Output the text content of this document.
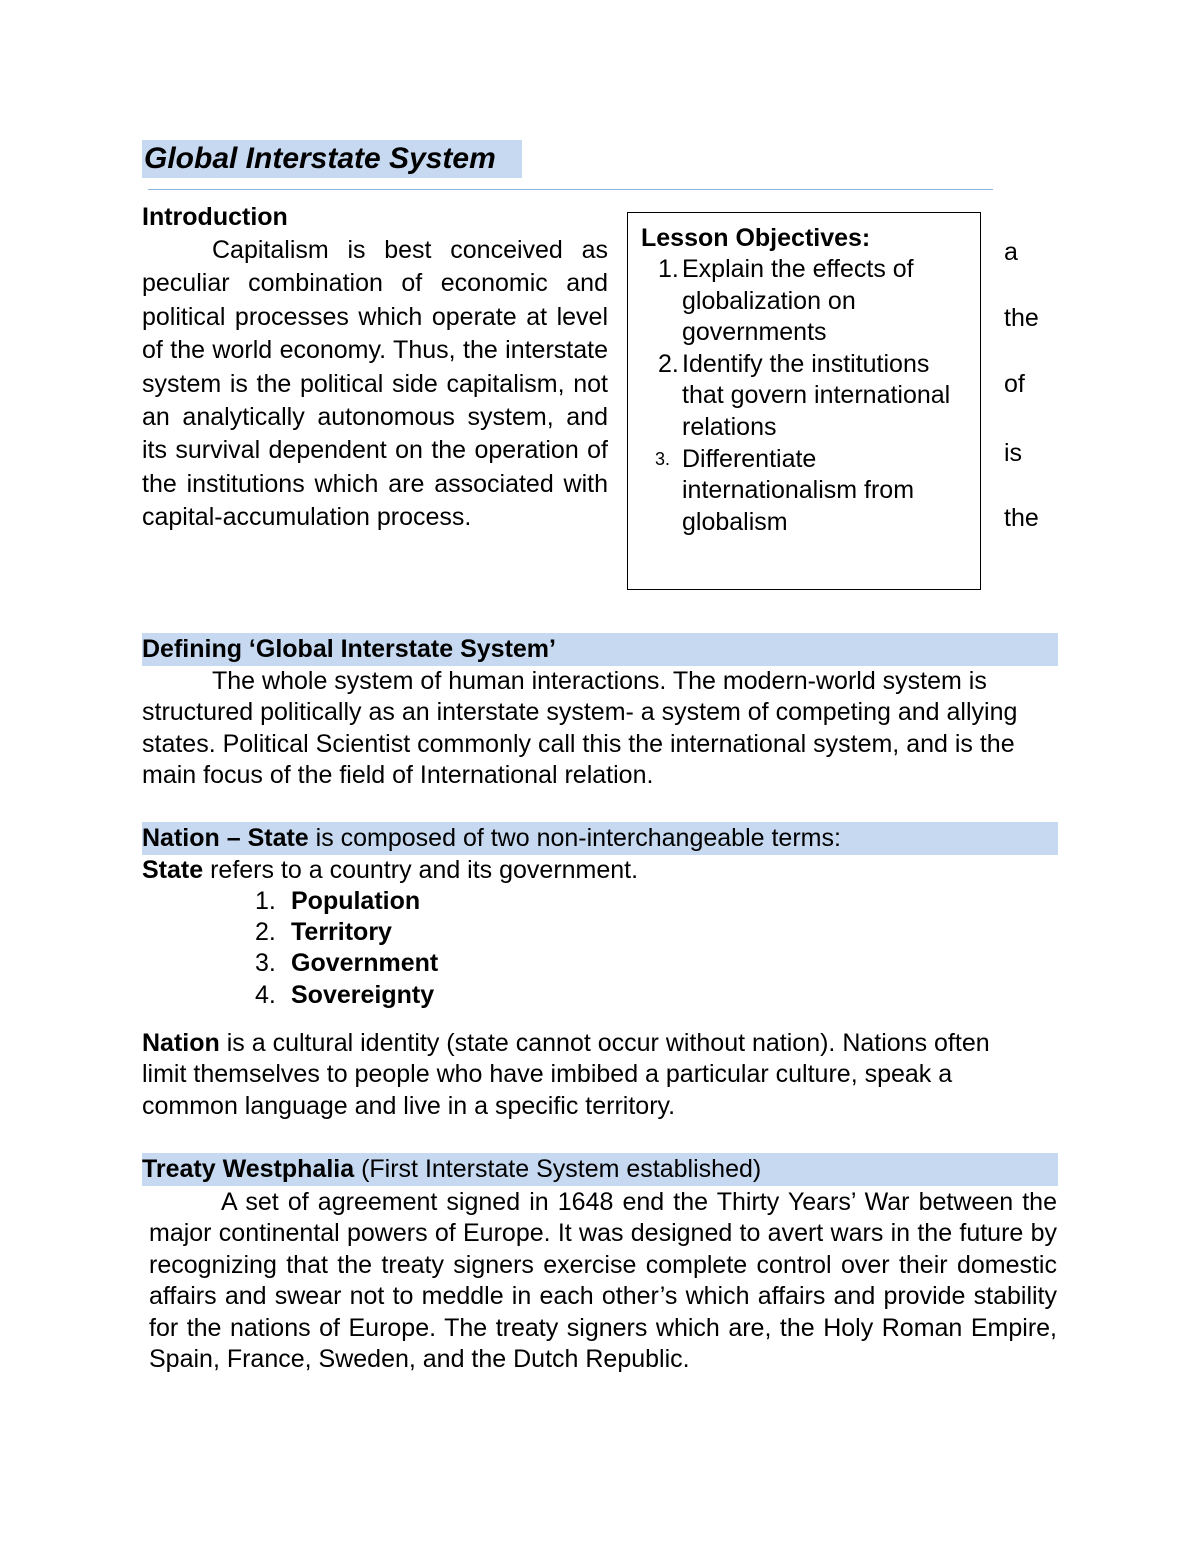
Global Interstate System
Introduction
Capitalism is best conceived as peculiar combination of economic and political processes which operate at level of the world economy. Thus, the interstate system is the political side capitalism, not an analytically autonomous system, and its survival dependent on the operation of the institutions which are associated with capital-accumulation process.
a
the
of
is
the
Lesson Objectives:
1. Explain the effects of globalization on governments
2. Identify the institutions that govern international relations
3. Differentiate internationalism from globalism
Defining ‘Global Interstate System’
The whole system of human interactions. The modern-world system is structured politically as an interstate system- a system of competing and allying states. Political Scientist commonly call this the international system, and is the main focus of the field of International relation.
Nation – State is composed of two non-interchangeable terms:
State refers to a country and its government.
1. Population
2. Territory
3. Government
4. Sovereignty
Nation is a cultural identity (state cannot occur without nation). Nations often limit themselves to people who have imbibed a particular culture, speak a common language and live in a specific territory.
Treaty Westphalia (First Interstate System established)
A set of agreement signed in 1648 end the Thirty Years’ War between the major continental powers of Europe. It was designed to avert wars in the future by recognizing that the treaty signers exercise complete control over their domestic affairs and swear not to meddle in each other’s which affairs and provide stability for the nations of Europe. The treaty signers which are, the Holy Roman Empire, Spain, France, Sweden, and the Dutch Republic.
